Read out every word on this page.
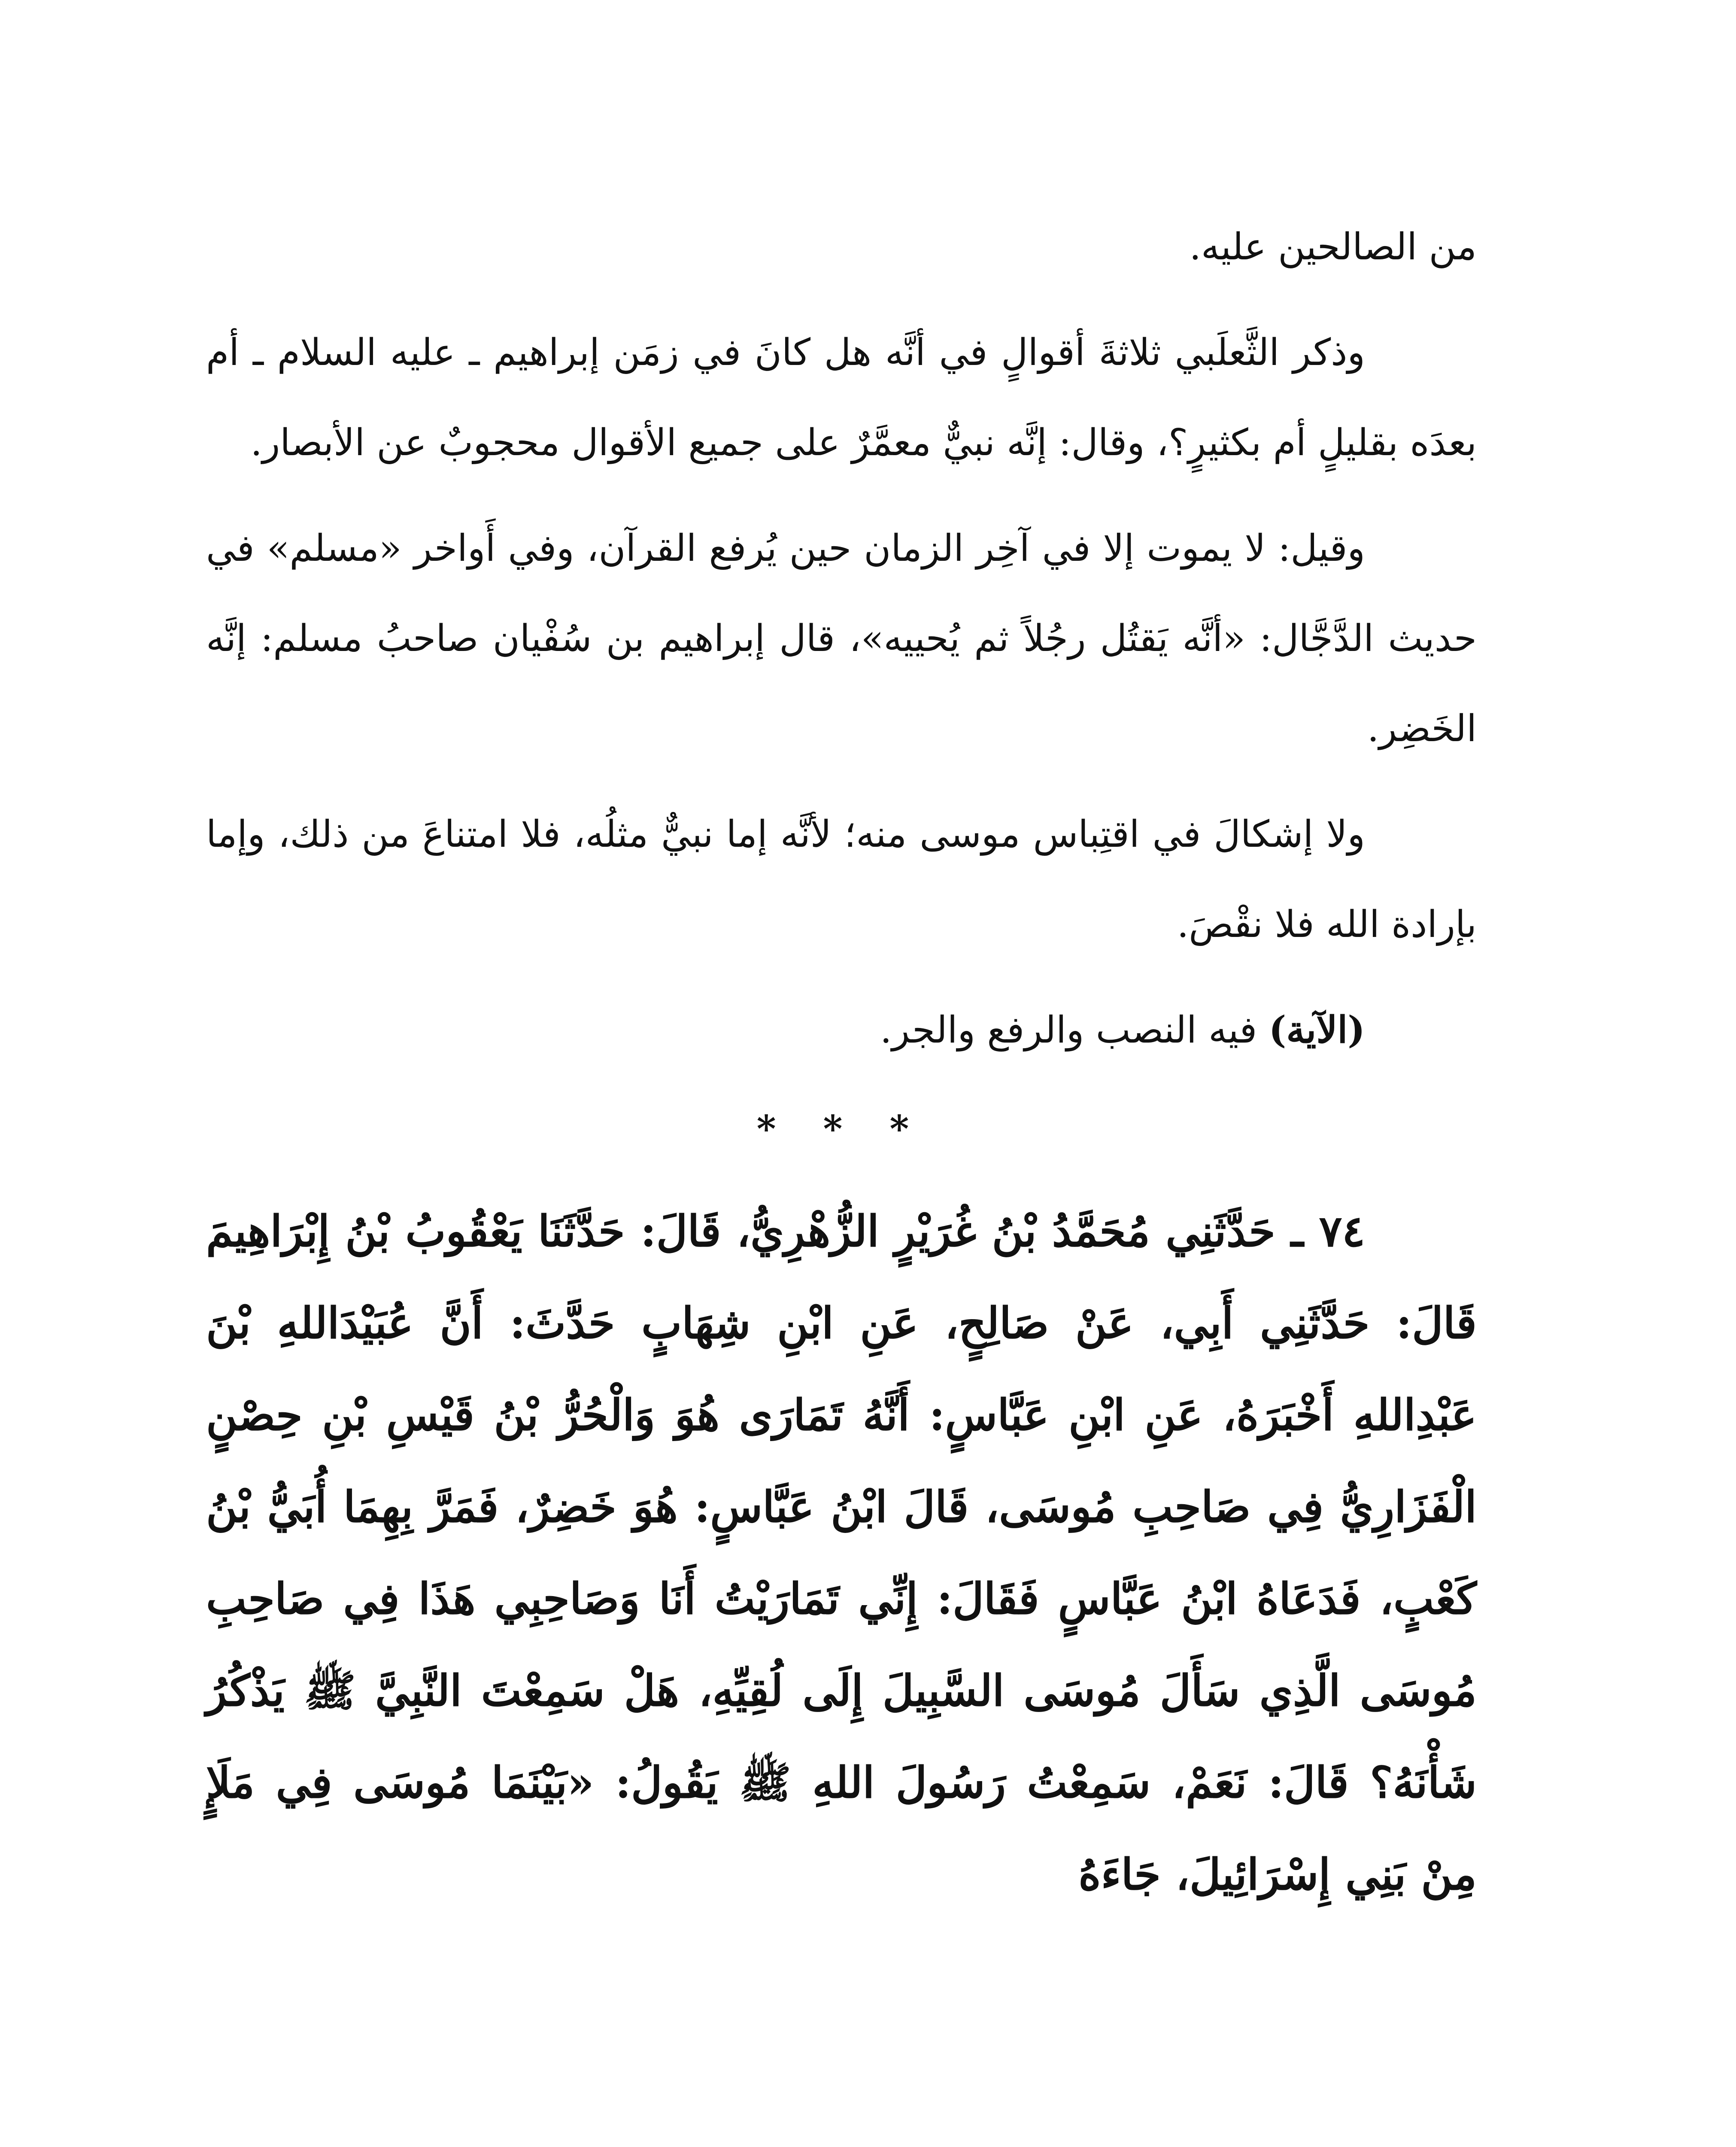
من الصالحين عليه.

وذكر الثَّعلَبي ثلاثةَ أقوالٍ في أنَّه هل كانَ في زمَن إبراهيم ـ عليه السلام ـ أم بعدَه بقليلٍ أم بكثيرٍ؟، وقال: إنَّه نبيٌّ معمَّرٌ على جميع الأقوال محجوبٌ عن الأبصار.

وقيل: لا يموت إلا في آخِر الزمان حين يُرفع القرآن، وفي أَواخر «مسلم» في حديث الدَّجَّال: «أنَّه يَقتُل رجُلاً ثم يُحييه»، قال إبراهيم بن سُفْيان صاحبُ مسلم: إنَّه الخَضِر.

ولا إشكالَ في اقتِباس موسى منه؛ لأنَّه إما نبيٌّ مثلُه، فلا امتناعَ من ذلك، وإما بإرادة الله فلا نقْصَ.

(الآية) فيه النصب والرفع والجر.

* * *

٧٤ ـ حَدَّثَنِي مُحَمَّدُ بْنُ غُرَيْرٍ الزُّهْرِيُّ، قَالَ: حَدَّثَنَا يَعْقُوبُ بْنُ إِبْرَاهِيمَ قَالَ: حَدَّثَنِي أَبِي، عَنْ صَالِحٍ، عَنِ ابْنِ شِهَابٍ حَدَّثَ: أَنَّ عُبَيْدَاللهِ بْنَ عَبْدِاللهِ أَخْبَرَهُ، عَنِ ابْنِ عَبَّاسٍ: أَنَّهُ تَمَارَى هُوَ وَالْحُرُّ بْنُ قَيْسِ بْنِ حِصْنٍ الْفَزَارِيُّ فِي صَاحِبِ مُوسَى، قَالَ ابْنُ عَبَّاسٍ: هُوَ خَضِرٌ، فَمَرَّ بِهِمَا أُبَيُّ بْنُ كَعْبٍ، فَدَعَاهُ ابْنُ عَبَّاسٍ فَقَالَ: إِنِّي تَمَارَيْتُ أَنَا وَصَاحِبِي هَذَا فِي صَاحِبِ مُوسَى الَّذِي سَأَلَ مُوسَى السَّبِيلَ إِلَى لُقِيِّهِ، هَلْ سَمِعْتَ النَّبِيَّ ﷺ يَذْكُرُ شَأْنَهُ؟ قَالَ: نَعَمْ، سَمِعْتُ رَسُولَ اللهِ ﷺ يَقُولُ: «بَيْنَمَا مُوسَى فِي مَلَإٍ مِنْ بَنِي إِسْرَائِيلَ، جَاءَهُ
